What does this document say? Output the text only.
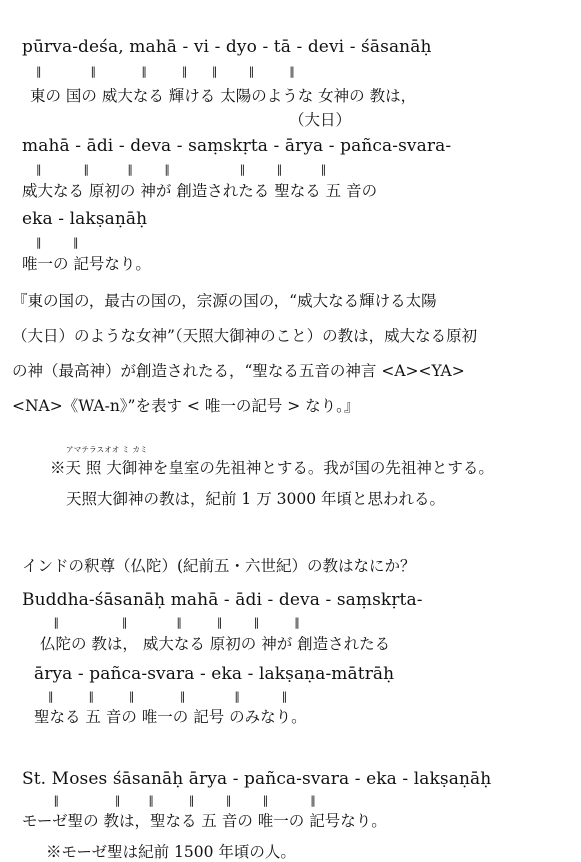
pūrva-deśa, mahā - vi - dyo - tā - devi - śāsanāḥ
‖              ‖             ‖          ‖       ‖         ‖          ‖
東の 国の 威大なる 輝ける 太陽のような 女神の 教は，
（大日）
mahā - ādi - deva - saṃskṛta - ārya - pañca-svara-
‖            ‖           ‖         ‖                    ‖         ‖           ‖
威大なる 原初の 神が 創造されたる 聖なる 五 音の
eka - lakṣaṇāḥ
‖         ‖
唯一の 記号なり。
『東の国の，最古の国の，宗源の国の，“威大なる輝ける太陽
（大日）のような女神”（天照大御神のこと）の教は，威大なる原初
の神（最高神）が創造されたる，“聖なる五音の神言 <A><YA>
<NA>《WA-n》”を表す < 唯一の記号 > なり。』
アマテラスオオ ミ カミ
※天 照 大御神を皇室の先祖神とする。我が国の先祖神とする。
天照大御神の教は，紀前 1 万 3000 年頃と思われる。
インドの釈尊（仏陀）(紀前五・六世紀）の教はなにか？
Buddha-śāsanāḥ mahā - ādi - deva - saṃskṛta-
‖                  ‖              ‖          ‖         ‖          ‖
仏陀の 教は， 威大なる 原初の 神が 創造されたる
ārya - pañca-svara - eka - lakṣaṇa-mātrāḥ
‖          ‖          ‖             ‖              ‖            ‖
聖なる 五 音の 唯一の 記号 のみなり。
St. Moses śāsanāḥ ārya - pañca-svara - eka - lakṣaṇāḥ
‖                ‖        ‖          ‖         ‖         ‖            ‖
モーゼ聖の 教は，聖なる 五 音の 唯一の 記号なり。
※モーゼ聖は紀前 1500 年頃の人。
